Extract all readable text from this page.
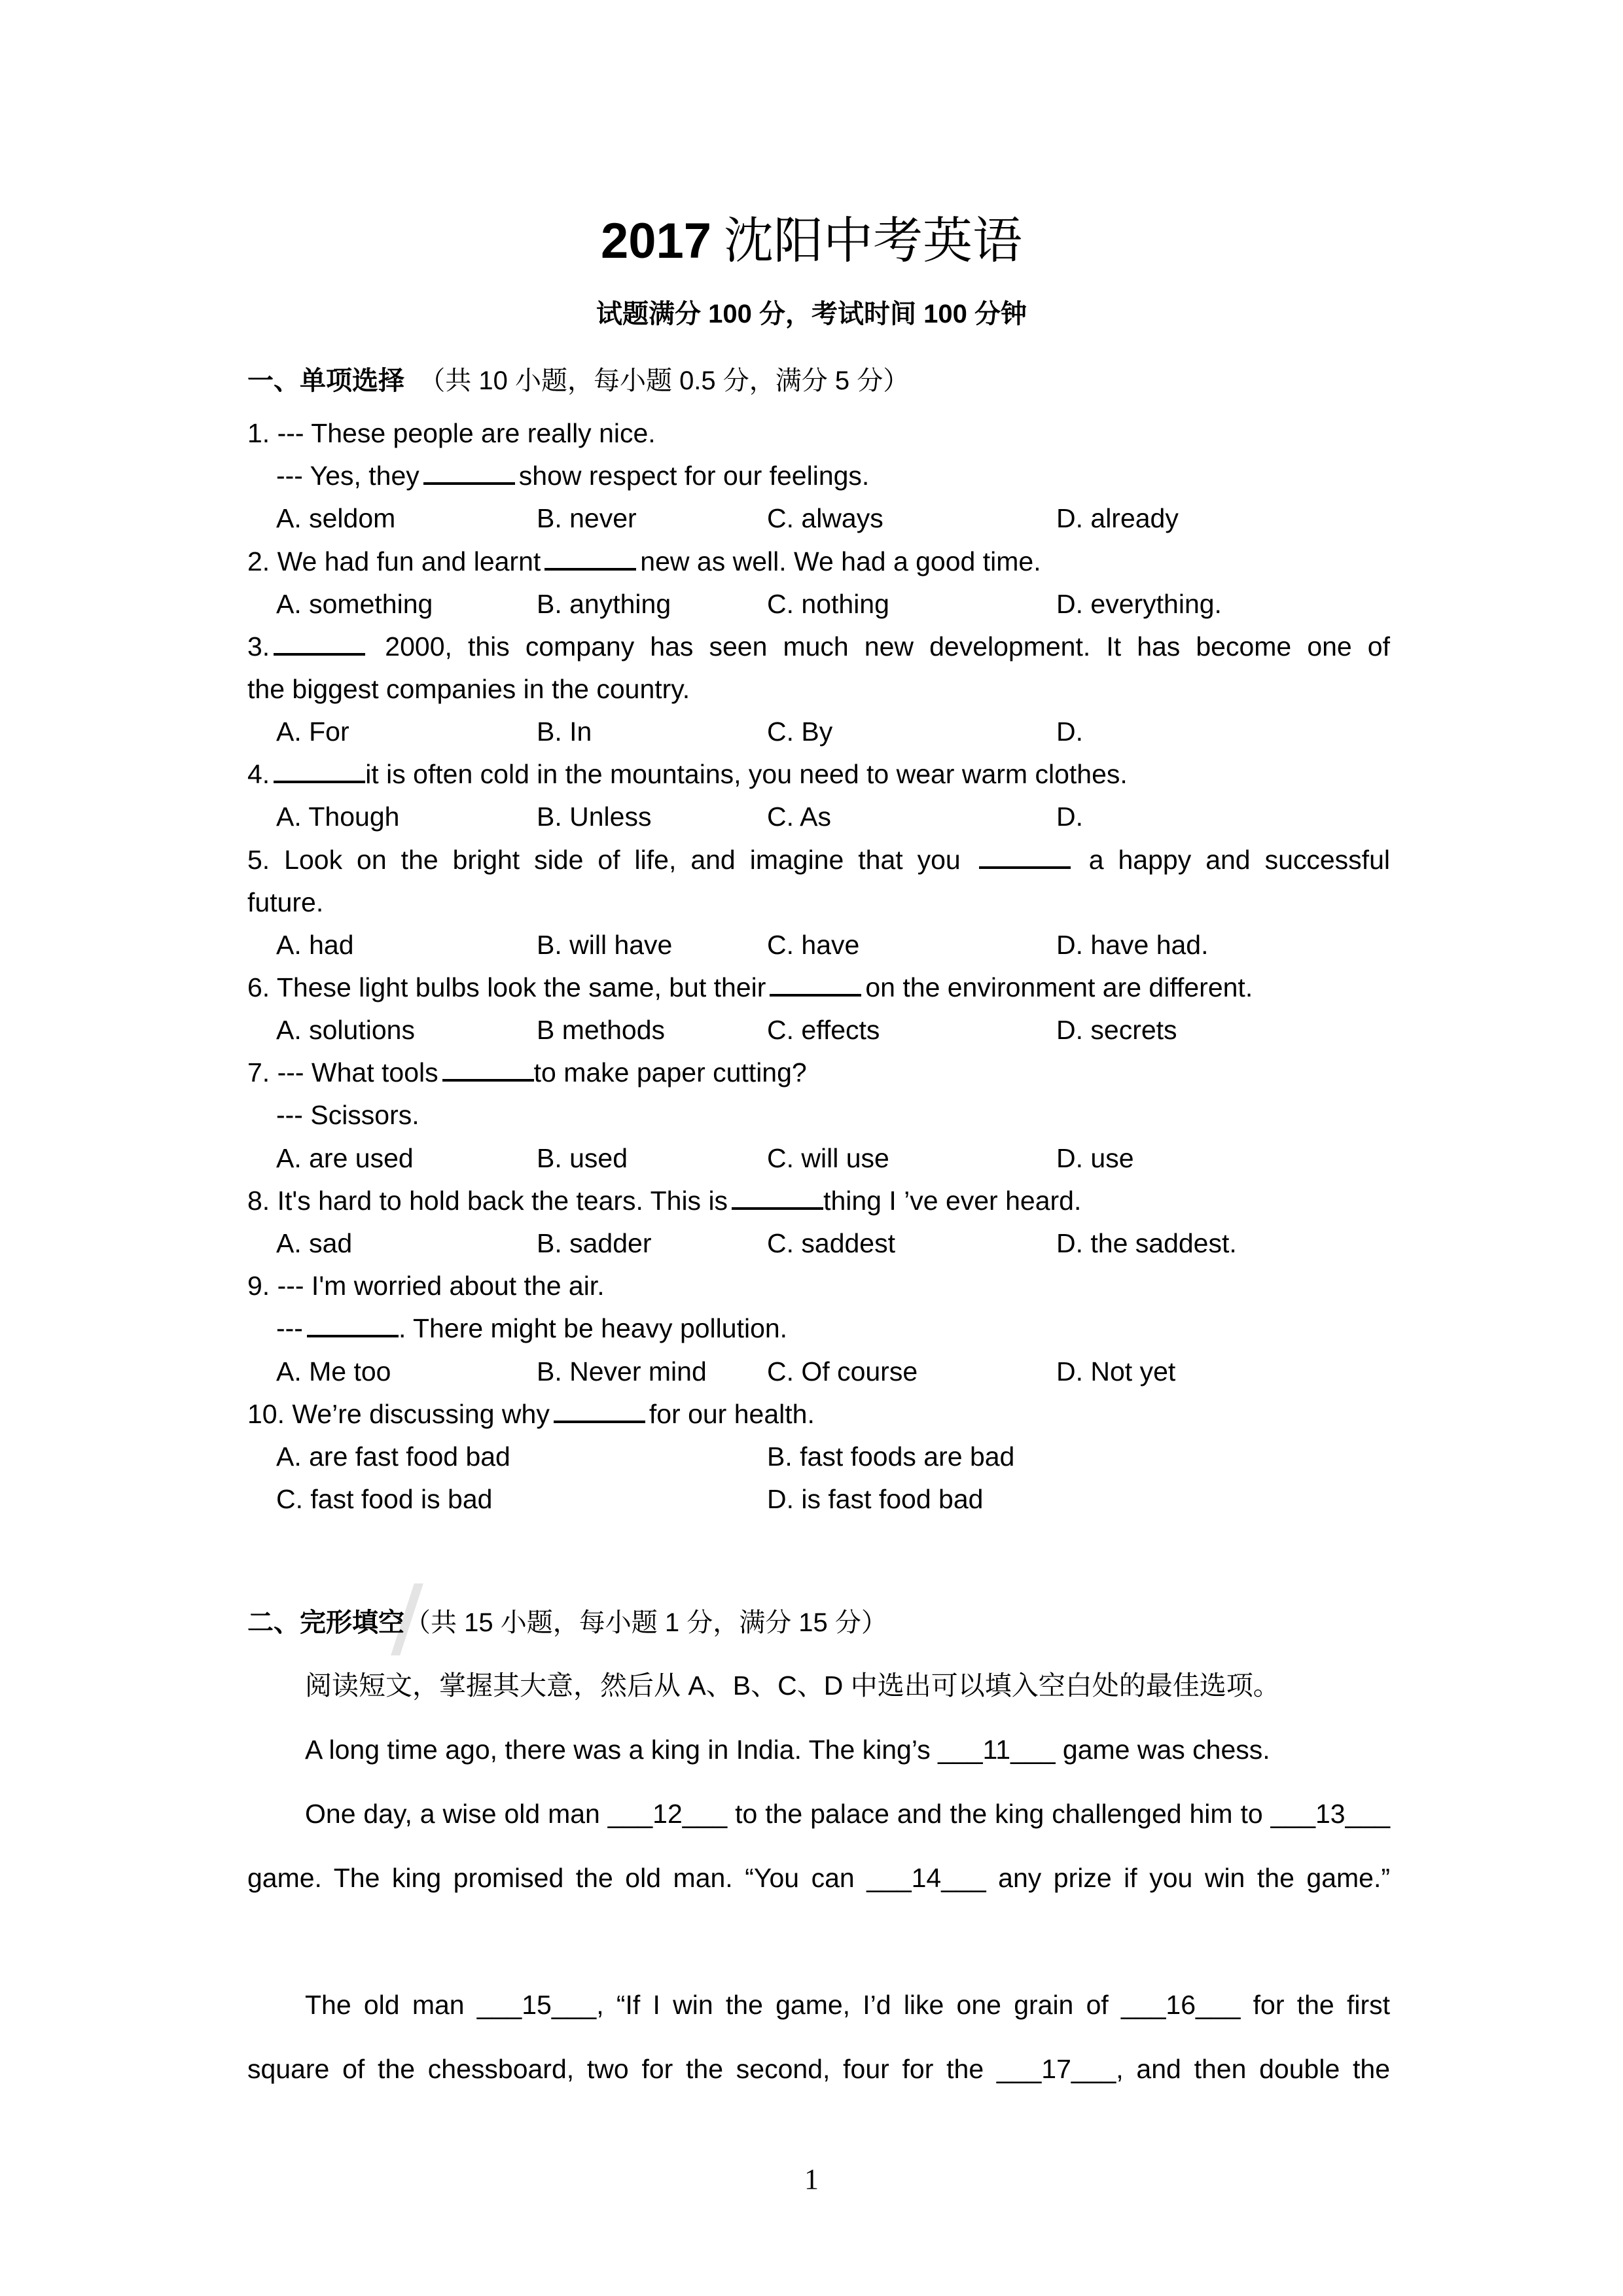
2017 沈阳中考英语
试题满分 100 分，考试时间 100 分钟
一、单项选择 （共 10 小题，每小题 0.5 分，满分 5 分）
1. --- These people are really nice.
--- Yes, they	show respect for our feelings.
A. seldom	B. never	C. always	D. already
2. We had fun and learnt	new as well. We had a good time.
A. something	B. anything	C. nothing	D. everything.
3.	2000, this company has seen much new development. It has become one of
the biggest companies in the country.
A. For	B. In	C. By	D.
4.	it is often cold in the mountains, you need to wear warm clothes.
A. Though	B. Unless	C. As	D.
5. Look on the bright side of life, and imagine that you	a happy and successful
future.
A. had	B. will have	C. have	D. have had.
6. These light bulbs look the same, but their	on the environment are different.
A. solutions	B methods	C. effects	D. secrets
7. --- What tools	to make paper cutting?
--- Scissors.
A. are used	B. used	C. will use	D. use
8. It's hard to hold back the tears. This is	thing I ’ve ever heard.
A. sad	B. sadder	C. saddest	D. the saddest.
9. --- I'm worried about the air.
---	. There might be heavy pollution.
A. Me too	B. Never mind C. Of course	D. Not yet
10. We’re discussing why	for our health.
A. are fast food bad	B. fast foods are bad
C. fast food is bad	D. is fast food bad
二、完形填空（共 15 小题，每小题 1 分，满分 15 分）
阅读短文，掌握其大意，然后从 A、B、C、D 中选出可以填入空白处的最佳选项。
A long time ago, there was a king in India. The king’s ___11___ game was chess.
One day, a wise old man ___12___ to the palace and the king challenged him to ___13___ game. The king promised the old man. “You can ___14___ any prize if you win the game.”
The old man ___15___, “If I win the game, I’d like one grain of ___16___ for the first square of the chessboard, two for the second, four for the ___17___, and then double the
1
